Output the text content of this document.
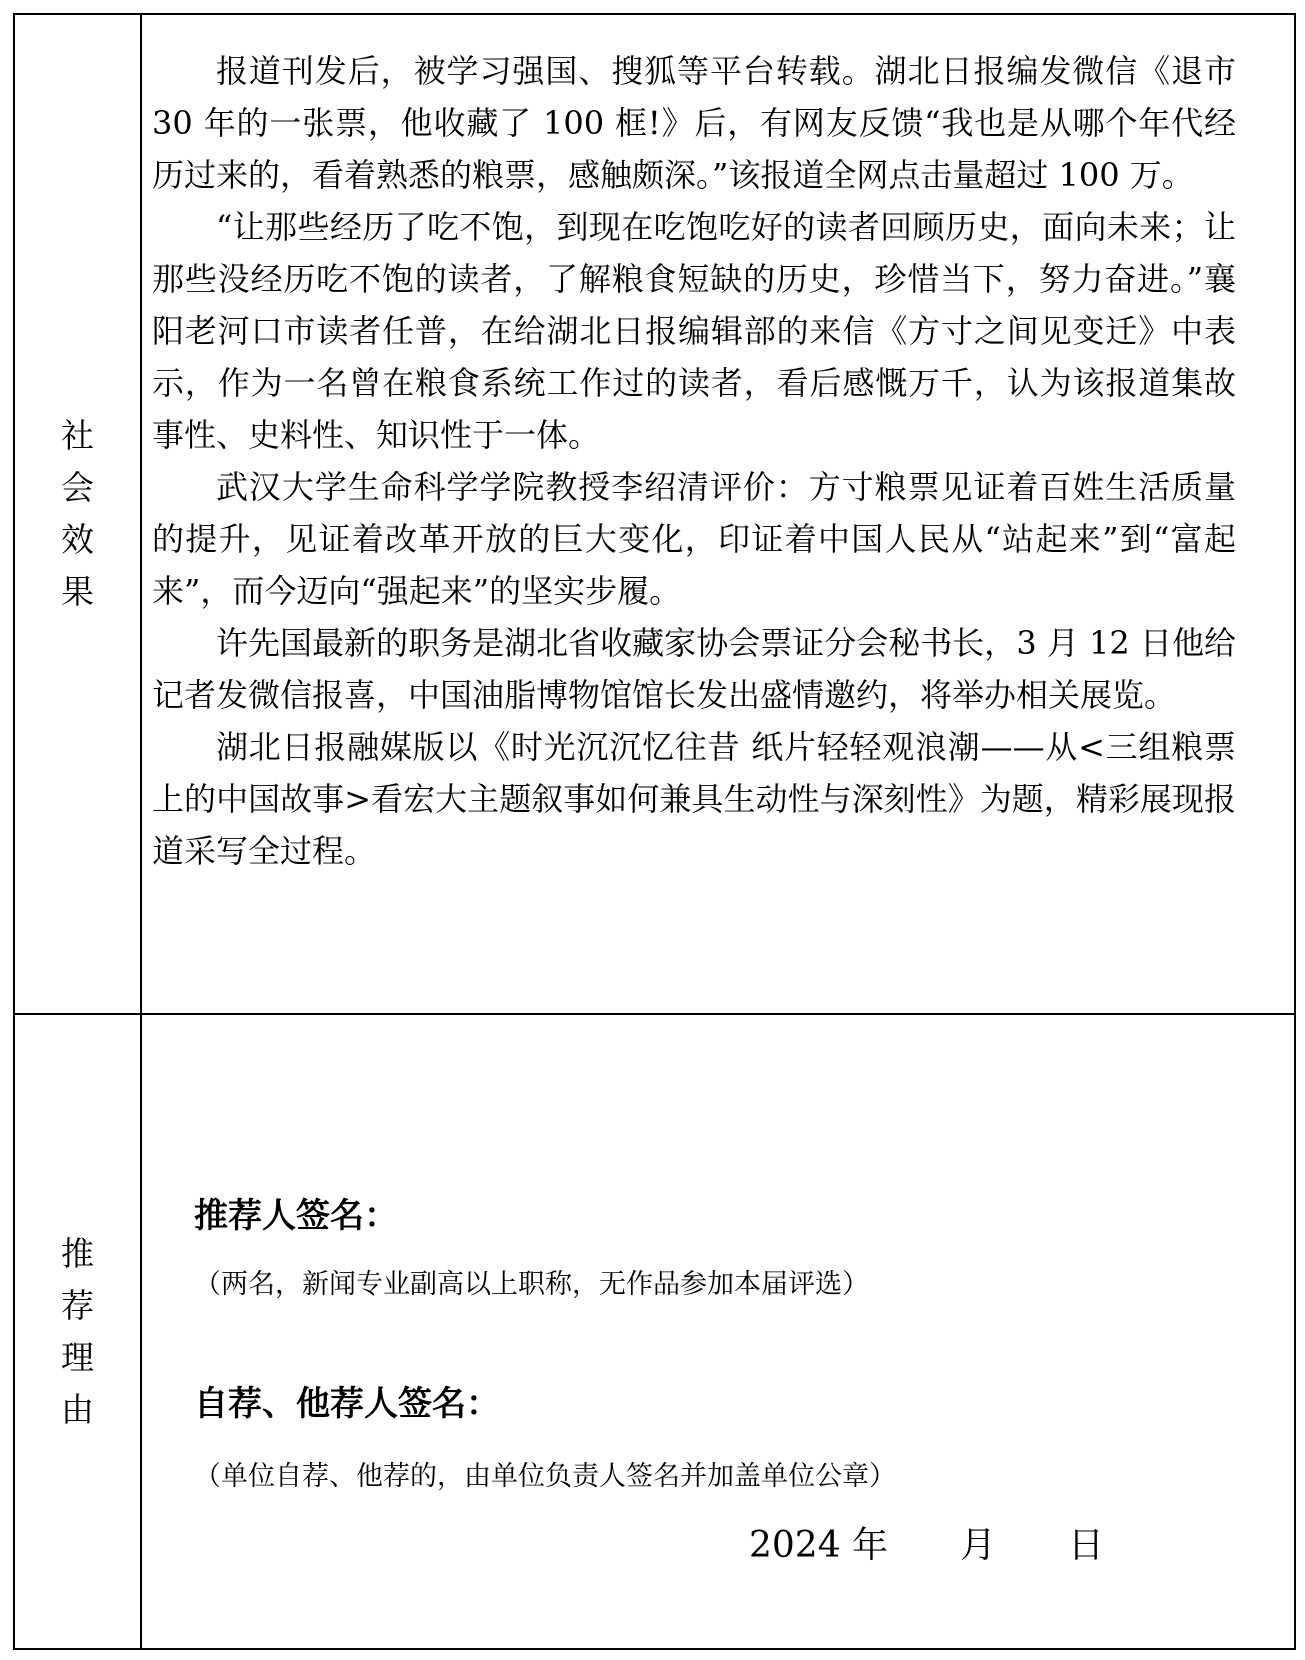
社
会
效
果

报道刊发后，被学习强国、搜狐等平台转载。湖北日报编发微信《退市 30 年的一张票，他收藏了 100 框!》后，有网友反馈“我也是从哪个年代经历过来的，看着熟悉的粮票，感触颇深。”该报道全网点击量超过 100 万。

“让那些经历了吃不饱，到现在吃饱吃好的读者回顾历史，面向未来；让那些没经历吃不饱的读者，了解粮食短缺的历史，珍惜当下，努力奋进。”襄阳老河口市读者任普，在给湖北日报编辑部的来信《方寸之间见变迁》中表示，作为一名曾在粮食系统工作过的读者，看后感慨万千，认为该报道集故事性、史料性、知识性于一体。

武汉大学生命科学学院教授李绍清评价：方寸粮票见证着百姓生活质量的提升，见证着改革开放的巨大变化，印证着中国人民从“站起来”到“富起来”，而今迈向“强起来”的坚实步履。

许先国最新的职务是湖北省收藏家协会票证分会秘书长，3 月 12 日他给记者发微信报喜，中国油脂博物馆馆长发出盛情邀约，将举办相关展览。

湖北日报融媒版以《时光沉沉忆往昔 纸片轻轻观浪潮——从<三组粮票上的中国故事>看宏大主题叙事如何兼具生动性与深刻性》为题，精彩展现报道采写全过程。

推
荐
理
由
推荐人签名：
（两名，新闻专业副高以上职称，无作品参加本届评选）
自荐、他荐人签名：
（单位自荐、他荐的，由单位负责人签名并加盖单位公章）
2024 年　　月　　日
